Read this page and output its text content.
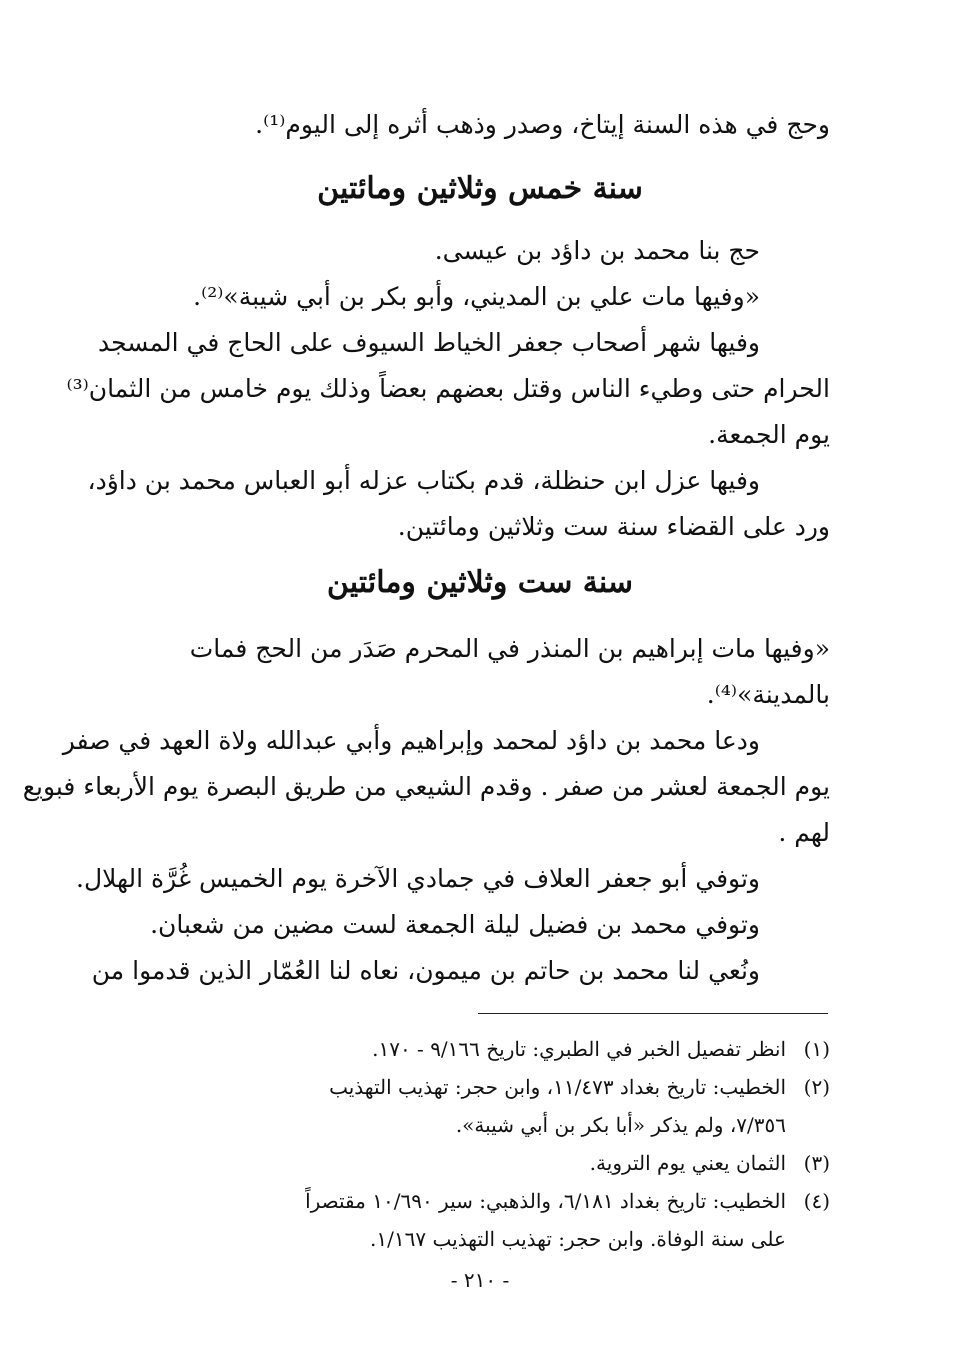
وحج في هذه السنة إيتاخ، وصدر وذهب أثره إلى اليوم⁽¹⁾.
سنة خمس وثلاثين ومائتين
حج بنا محمد بن داؤد بن عيسى.
«وفيها مات علي بن المديني، وأبو بكر بن أبي شيبة»⁽²⁾.
وفيها شهر أصحاب جعفر الخياط السيوف على الحاج في المسجد
الحرام حتى وطيء الناس وقتل بعضهم بعضاً وذلك يوم خامس من الثمان⁽³⁾
يوم الجمعة.
وفيها عزل ابن حنظلة، قدم بكتاب عزله أبو العباس محمد بن داؤد،
ورد على القضاء سنة ست وثلاثين ومائتين.
سنة ست وثلاثين ومائتين
«وفيها مات إبراهيم بن المنذر في المحرم صَدَر من الحج فمات
بالمدينة»⁽⁴⁾.
ودعا محمد بن داؤد لمحمد وإبراهيم وأبي عبدالله ولاة العهد في صفر
يوم الجمعة لعشر من صفر . وقدم الشيعي من طريق البصرة يوم الأربعاء فبويع
لهم .
وتوفي أبو جعفر العلاف في جمادي الآخرة يوم الخميس غُرَّة الهلال.
وتوفي محمد بن فضيل ليلة الجمعة لست مضين من شعبان.
ونُعي لنا محمد بن حاتم بن ميمون، نعاه لنا العُمّار الذين قدموا من
(١)
انظر تفصيل الخبر في الطبري: تاريخ ٩/١٦٦ - ١٧٠.
(٢)
الخطيب: تاريخ بغداد ١١/٤٧٣، وابن حجر: تهذيب التهذيب
٧/٣٥٦، ولم يذكر «أبا بكر بن أبي شيبة».
(٣)
الثمان يعني يوم التروية.
(٤)
الخطيب: تاريخ بغداد ٦/١٨١، والذهبي: سير ١٠/٦٩٠ مقتصراً
على سنة الوفاة. وابن حجر: تهذيب التهذيب ١/١٦٧.
- ٢١٠ -
